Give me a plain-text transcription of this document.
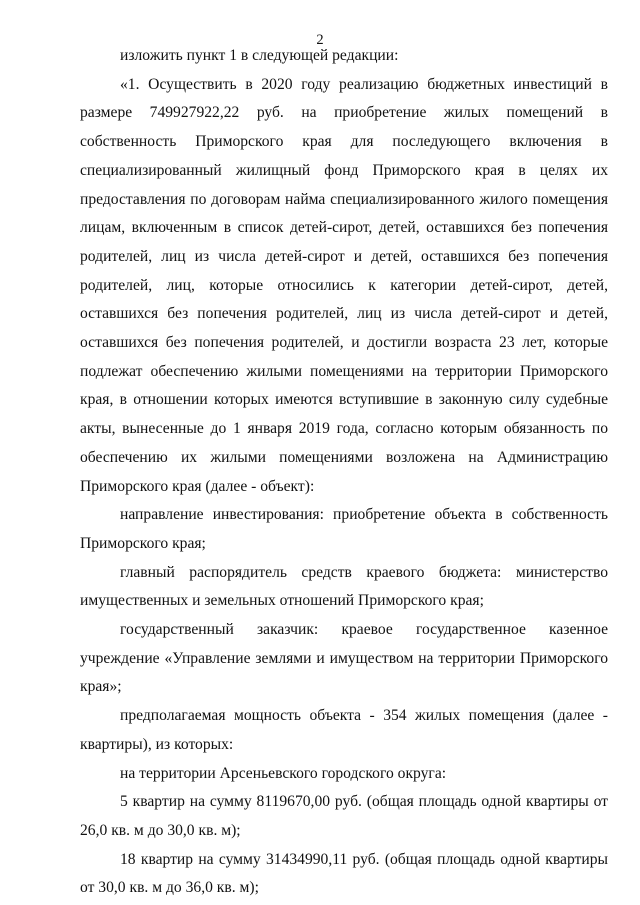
2

изложить пункт 1 в следующей редакции:

«1. Осуществить в 2020 году реализацию бюджетных инвестиций в размере 749927922,22 руб. на приобретение жилых помещений в собственность Приморского края для последующего включения в специализированный жилищный фонд Приморского края в целях их предоставления по договорам найма специализированного жилого помещения лицам, включенным в список детей-сирот, детей, оставшихся без попечения родителей, лиц из числа детей-сирот и детей, оставшихся без попечения родителей, лиц, которые относились к категории детей-сирот, детей, оставшихся без попечения родителей, лиц из числа детей-сирот и детей, оставшихся без попечения родителей, и достигли возраста 23 лет, которые подлежат обеспечению жилыми помещениями на территории Приморского края, в отношении которых имеются вступившие в законную силу судебные акты, вынесенные до 1 января 2019 года, согласно которым обязанность по обеспечению их жилыми помещениями возложена на Администрацию Приморского края (далее - объект):

направление инвестирования: приобретение объекта в собственность Приморского края;

главный распорядитель средств краевого бюджета: министерство имущественных и земельных отношений Приморского края;

государственный заказчик: краевое государственное казенное учреждение «Управление землями и имуществом на территории Приморского края»;

предполагаемая мощность объекта - 354 жилых помещения (далее - квартиры), из которых:

на территории Арсеньевского городского округа:

5 квартир на сумму 8119670,00 руб. (общая площадь одной квартиры от 26,0 кв. м до 30,0 кв. м);

18 квартир на сумму 31434990,11 руб. (общая площадь одной квартиры от 30,0 кв. м до 36,0 кв. м);
